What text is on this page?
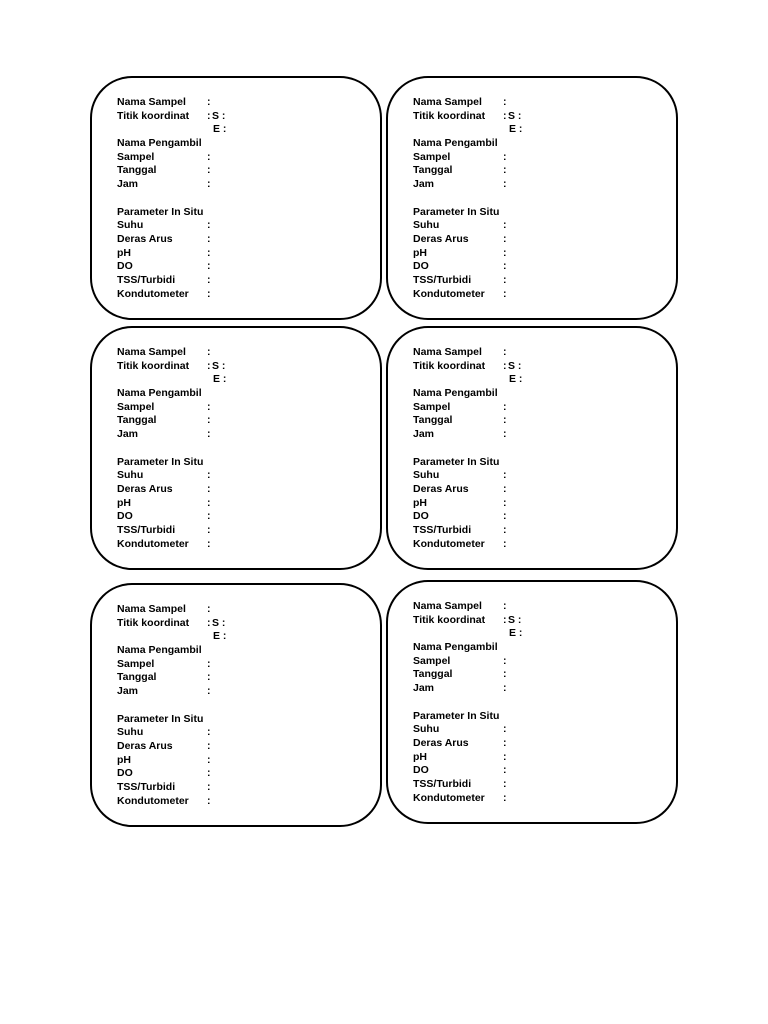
Nama Sampel :
Titik koordinat : S :
E :
Nama Pengambil
Sampel	:
Tanggal	:
Jam	:
Parameter In Situ
Suhu	:
Deras Arus	:
pH	:
DO	:
TSS/Turbidi	:
Kondutometer :
Nama Sampel :
Titik koordinat : S :
E :
Nama Pengambil
Sampel	:
Tanggal	:
Jam	:
Parameter In Situ
Suhu	:
Deras Arus	:
pH	:
DO	:
TSS/Turbidi	:
Kondutometer :
Nama Sampel :
Titik koordinat : S :
E :
Nama Pengambil
Sampel	:
Tanggal	:
Jam	:
Parameter In Situ
Suhu	:
Deras Arus	:
pH	:
DO	:
TSS/Turbidi	:
Kondutometer :
Nama Sampel :
Titik koordinat : S :
E :
Nama Pengambil
Sampel	:
Tanggal	:
Jam	:
Parameter In Situ
Suhu	:
Deras Arus	:
pH	:
DO	:
TSS/Turbidi	:
Kondutometer :
Nama Sampel :
Titik koordinat : S :
E :
Nama Pengambil
Sampel	:
Tanggal	:
Jam	:
Parameter In Situ
Suhu	:
Deras Arus	:
pH	:
DO	:
TSS/Turbidi	:
Kondutometer :
Nama Sampel :
Titik koordinat : S :
E :
Nama Pengambil
Sampel	:
Tanggal	:
Jam	:
Parameter In Situ
Suhu	:
Deras Arus	:
pH	:
DO	:
TSS/Turbidi	:
Kondutometer :
